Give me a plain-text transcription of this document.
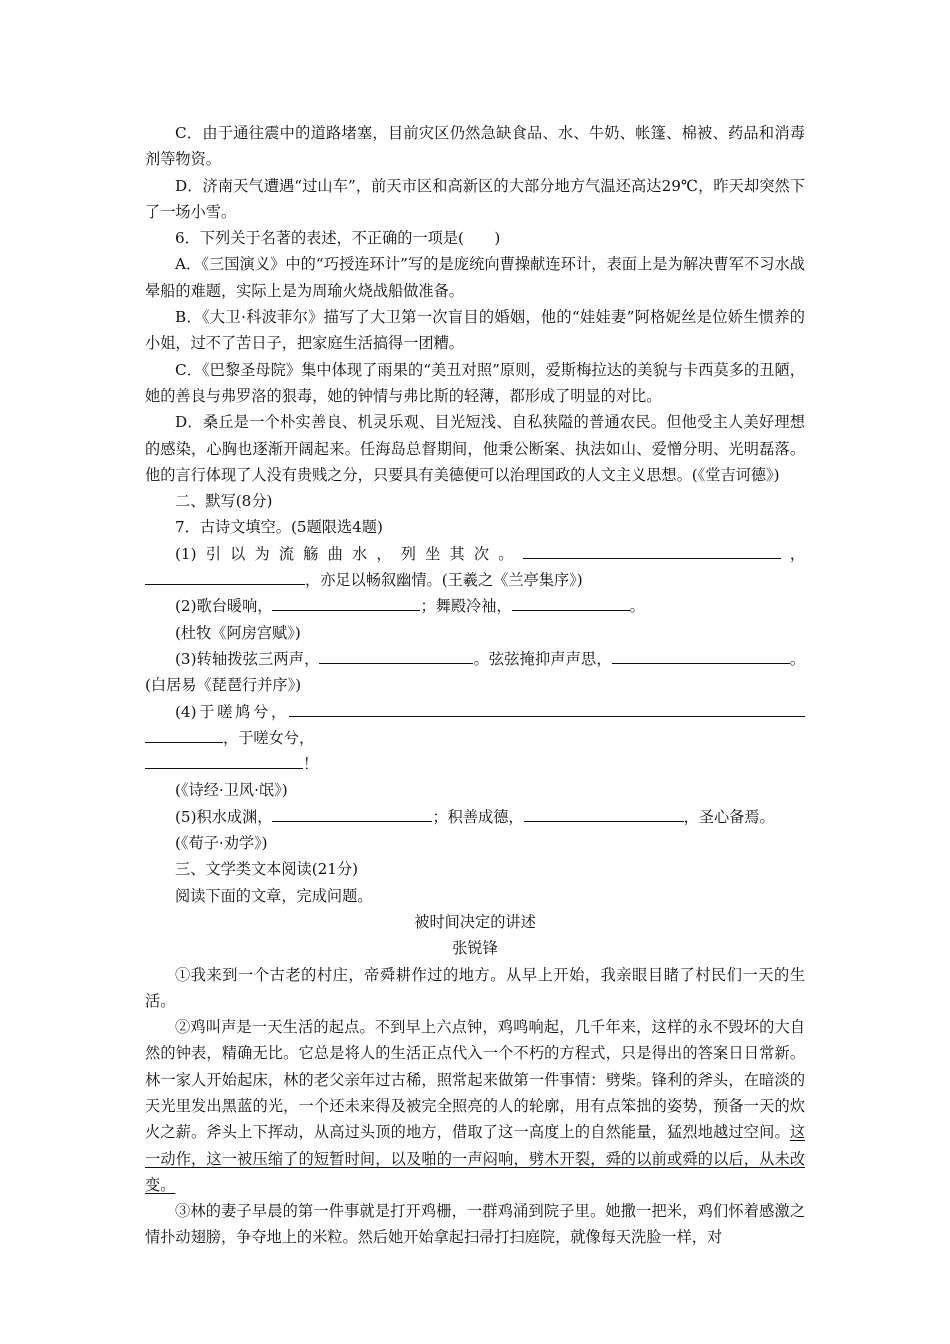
C．由于通往震中的道路堵塞，目前灾区仍然急缺食品、水、牛奶、帐篷、棉被、药品和消毒剂等物资。

D．济南天气遭遇“过山车”，前天市区和高新区的大部分地方气温还高达29℃，昨天却突然下了一场小雪。

6．下列关于名著的表述，不正确的一项是(　　)

A．《三国演义》中的“巧授连环计”写的是庞统向曹操献连环计，表面上是为解决曹军不习水战晕船的难题，实际上是为周瑜火烧战船做准备。

B．《大卫·科波菲尔》描写了大卫第一次盲目的婚姻，他的“娃娃妻”阿格妮丝是位娇生惯养的小姐，过不了苦日子，把家庭生活搞得一团糟。

C．《巴黎圣母院》集中体现了雨果的“美丑对照”原则，爱斯梅拉达的美貌与卡西莫多的丑陋，她的善良与弗罗洛的狠毒，她的钟情与弗比斯的轻薄，都形成了明显的对比。

D．桑丘是一个朴实善良、机灵乐观、目光短浅、自私狭隘的普通农民。但他受主人美好理想的感染，心胸也逐渐开阔起来。任海岛总督期间，他秉公断案、执法如山、爱憎分明、光明磊落。他的言行体现了人没有贵贱之分，只要具有美德便可以治理国政的人文主义思想。(《堂吉诃德》)

二、默写(8分)

7．古诗文填空。(5题限选4题)

(1)引以为流觞曲水，列坐其次。	，，亦足以畅叙幽情。(王羲之《兰亭集序》)

(2)歌台暖响，	；舞殿冷袖，	。

(杜牧《阿房宫赋》)

(3)转轴拨弦三两声，	。弦弦掩抑声声思，	。(白居易《琵琶行并序》)

(4)于嗟鸠兮，，于嗟女兮，
！

(《诗经·卫风·氓》)

(5)积水成渊，	；积善成德，	，圣心备焉。

(《荀子·劝学》)

三、文学类文本阅读(21分)

阅读下面的文章，完成问题。

被时间决定的讲述

张锐锋

①我来到一个古老的村庄，帝舜耕作过的地方。从早上开始，我亲眼目睹了村民们一天的生活。

②鸡叫声是一天生活的起点。不到早上六点钟，鸡鸣响起，几千年来，这样的永不毁坏的大自然的钟表，精确无比。它总是将人的生活正点代入一个不朽的方程式，只是得出的答案日日常新。林一家人开始起床，林的老父亲年过古稀，照常起来做第一件事情：劈柴。锋利的斧头，在暗淡的天光里发出黑蓝的光，一个还未来得及被完全照亮的人的轮廓，用有点笨拙的姿势，预备一天的炊火之薪。斧头上下挥动，从高过头顶的地方，借取了这一高度上的自然能量，猛烈地越过空间。这一动作，这一被压缩了的短暂时间，以及啪的一声闷响，劈木开裂，舜的以前或舜的以后，从未改变。

③林的妻子早晨的第一件事就是打开鸡栅，一群鸡涌到院子里。她撒一把米，鸡们怀着感激之情扑动翅膀，争夺地上的米粒。然后她开始拿起扫帚打扫庭院，就像每天洗脸一样，对
